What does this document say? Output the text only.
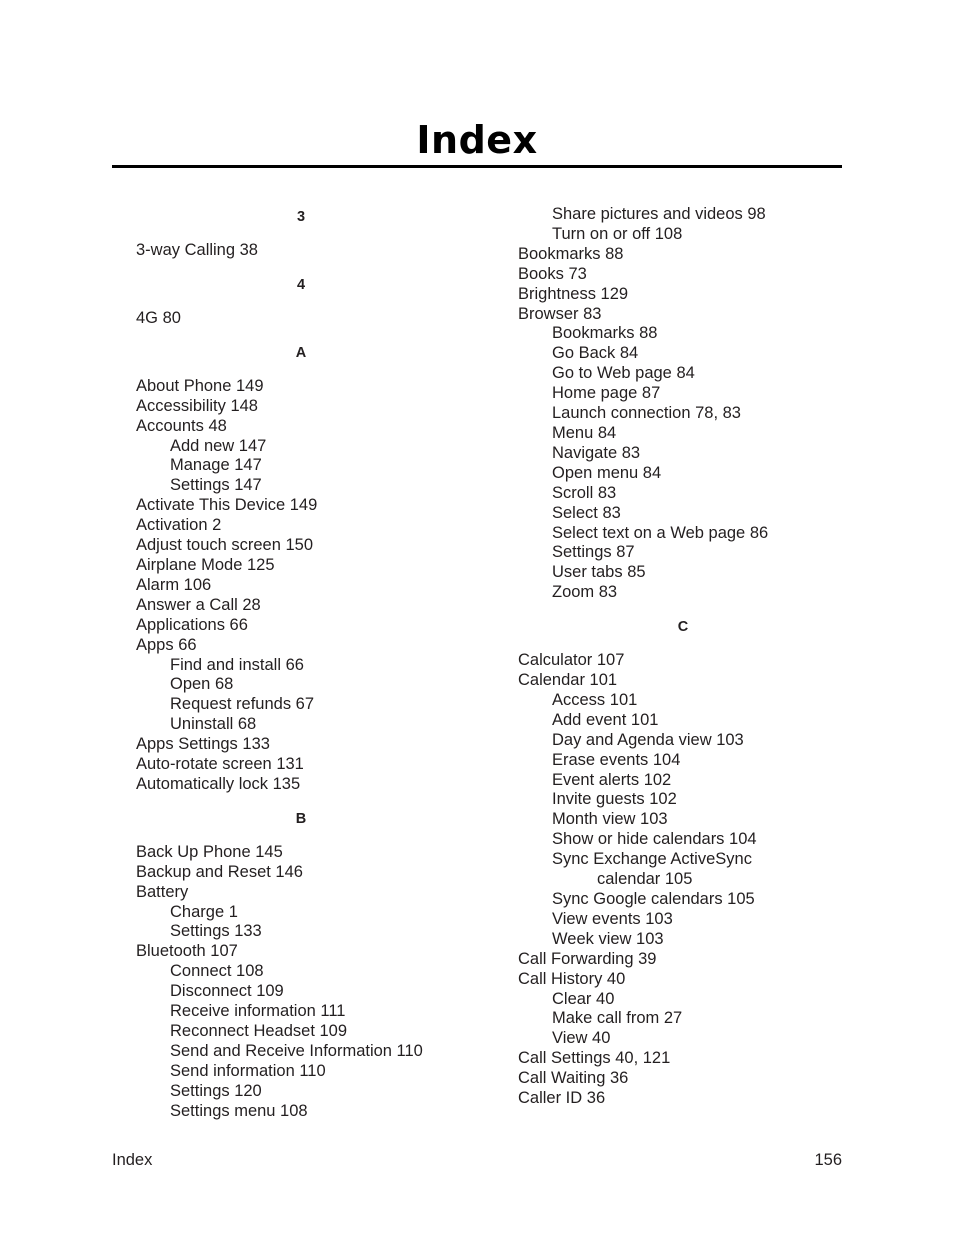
Index
3
3-way Calling 38
4
4G 80
A
About Phone 149
Accessibility 148
Accounts 48
Add new 147
Manage 147
Settings 147
Activate This Device 149
Activation 2
Adjust touch screen 150
Airplane Mode 125
Alarm 106
Answer a Call 28
Applications 66
Apps 66
Find and install 66
Open 68
Request refunds 67
Uninstall 68
Apps Settings 133
Auto-rotate screen 131
Automatically lock 135
B
Back Up Phone 145
Backup and Reset 146
Battery
Charge 1
Settings 133
Bluetooth 107
Connect 108
Disconnect 109
Receive information 111
Reconnect Headset 109
Send and Receive Information 110
Send information 110
Settings 120
Settings menu 108
Share pictures and videos 98
Turn on or off 108
Bookmarks 88
Books 73
Brightness 129
Browser 83
Bookmarks 88
Go Back 84
Go to Web page 84
Home page 87
Launch connection 78, 83
Menu 84
Navigate 83
Open menu 84
Scroll 83
Select 83
Select text on a Web page 86
Settings 87
User tabs 85
Zoom 83
C
Calculator 107
Calendar 101
Access 101
Add event 101
Day and Agenda view 103
Erase events 104
Event alerts 102
Invite guests 102
Month view 103
Show or hide calendars 104
Sync Exchange ActiveSync
calendar 105
Sync Google calendars 105
View events 103
Week view 103
Call Forwarding 39
Call History 40
Clear 40
Make call from 27
View 40
Call Settings 40, 121
Call Waiting 36
Caller ID 36
Index	156
